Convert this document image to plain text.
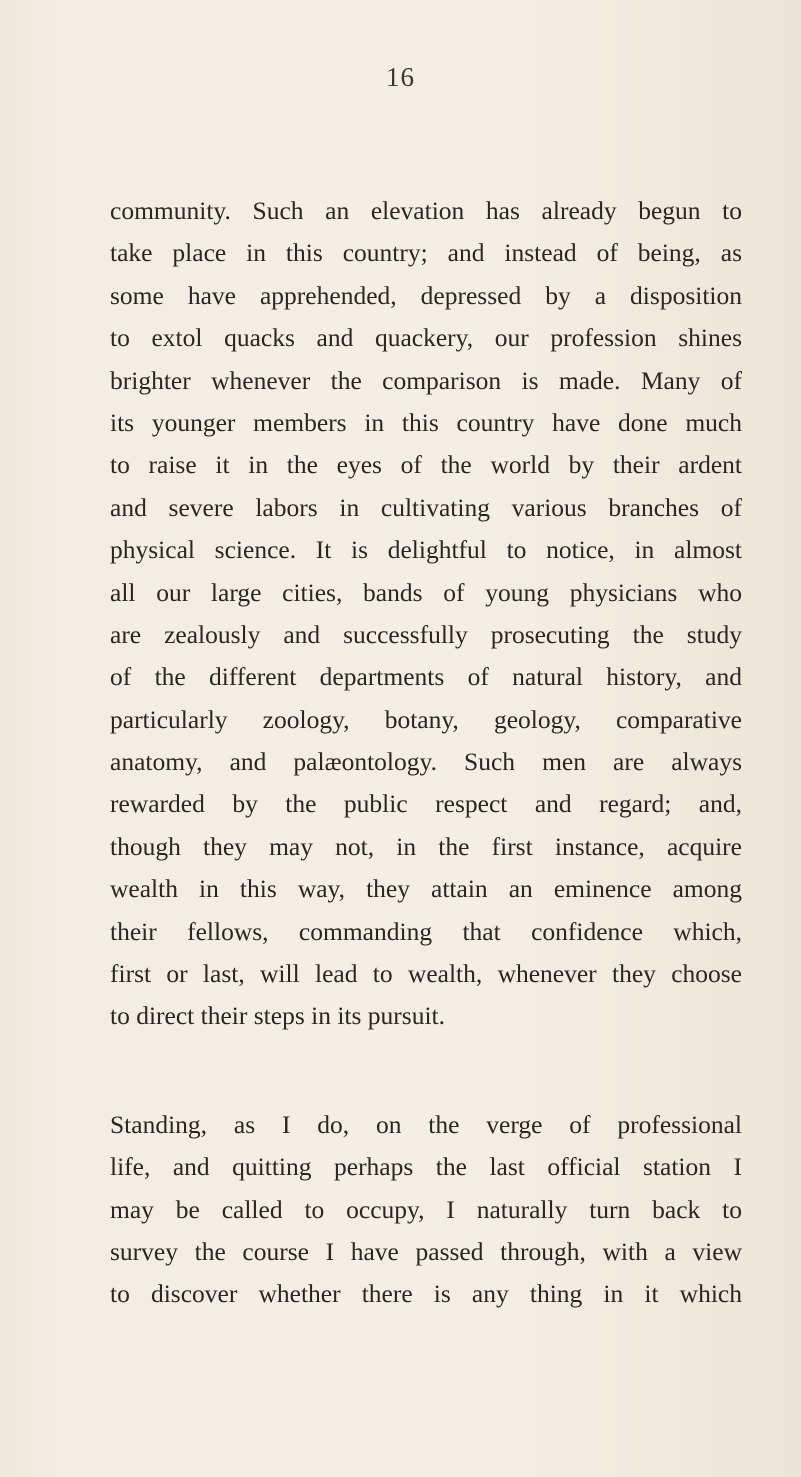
16
community. Such an elevation has already begun to
take place in this country; and instead of being, as
some have apprehended, depressed by a disposition
to extol quacks and quackery, our profession shines
brighter whenever the comparison is made. Many of
its younger members in this country have done much
to raise it in the eyes of the world by their ardent
and severe labors in cultivating various branches of
physical science. It is delightful to notice, in almost
all our large cities, bands of young physicians who
are zealously and successfully prosecuting the study
of the different departments of natural history, and
particularly zoology, botany, geology, comparative
anatomy, and palæontology. Such men are always
rewarded by the public respect and regard; and,
though they may not, in the first instance, acquire
wealth in this way, they attain an eminence among
their fellows, commanding that confidence which,
first or last, will lead to wealth, whenever they choose
to direct their steps in its pursuit.
Standing, as I do, on the verge of professional
life, and quitting perhaps the last official station I
may be called to occupy, I naturally turn back to
survey the course I have passed through, with a view
to discover whether there is any thing in it which
